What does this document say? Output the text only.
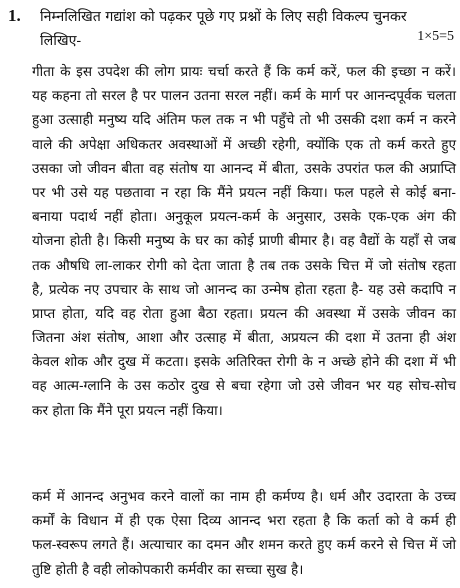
1. निम्नलिखित गद्यांश को पढ़कर पूछे गए प्रश्नों के लिए सही विकल्प चुनकर
लिखिए-	1×5=5
गीता के इस उपदेश की लोग प्रायः चर्चा करते हैं कि कर्म करें, फल की इच्छा न करें।
यह कहना तो सरल है पर पालन उतना सरल नहीं। कर्म के मार्ग पर आनन्दपूर्वक चलता
हुआ उत्साही मनुष्य यदि अंतिम फल तक न भी पहुँचे तो भी उसकी दशा कर्म न करने
वाले की अपेक्षा अधिकतर अवस्थाओं में अच्छी रहेगी, क्योंकि एक तो कर्म करते हुए
उसका जो जीवन बीता वह संतोष या आनन्द में बीता, उसके उपरांत फल की अप्राप्ति
पर भी उसे यह पछतावा न रहा कि मैंने प्रयत्न नहीं किया। फल पहले से कोई बना-
बनाया पदार्थ नहीं होता। अनुकूल प्रयत्न-कर्म के अनुसार, उसके एक-एक अंग की
योजना होती है। किसी मनुष्य के घर का कोई प्राणी बीमार है। वह वैद्यों के यहाँ से जब
तक औषधि ला-लाकर रोगी को देता जाता है तब तक उसके चित्त में जो संतोष रहता
है, प्रत्येक नए उपचार के साथ जो आनन्द का उन्मेष होता रहता है- यह उसे कदापि न
प्राप्त होता, यदि वह रोता हुआ बैठा रहता। प्रयत्न की अवस्था में उसके जीवन का
जितना अंश संतोष, आशा और उत्साह में बीता, अप्रयत्न की दशा में उतना ही अंश
केवल शोक और दुख में कटता। इसके अतिरिक्त रोगी के न अच्छे होने की दशा में भी
वह आत्म-ग्लानि के उस कठोर दुख से बचा रहेगा जो उसे जीवन भर यह सोच-सोच
कर होता कि मैंने पूरा प्रयत्न नहीं किया।
कर्म में आनन्द अनुभव करने वालों का नाम ही कर्मण्य है। धर्म और उदारता के उच्च
कर्मों के विधान में ही एक ऐसा दिव्य आनन्द भरा रहता है कि कर्ता को वे कर्म ही
फल-स्वरूप लगते हैं। अत्याचार का दमन और शमन करते हुए कर्म करने से चित्त में जो
तुष्टि होती है वही लोकोपकारी कर्मवीर का सच्चा सुख है।
